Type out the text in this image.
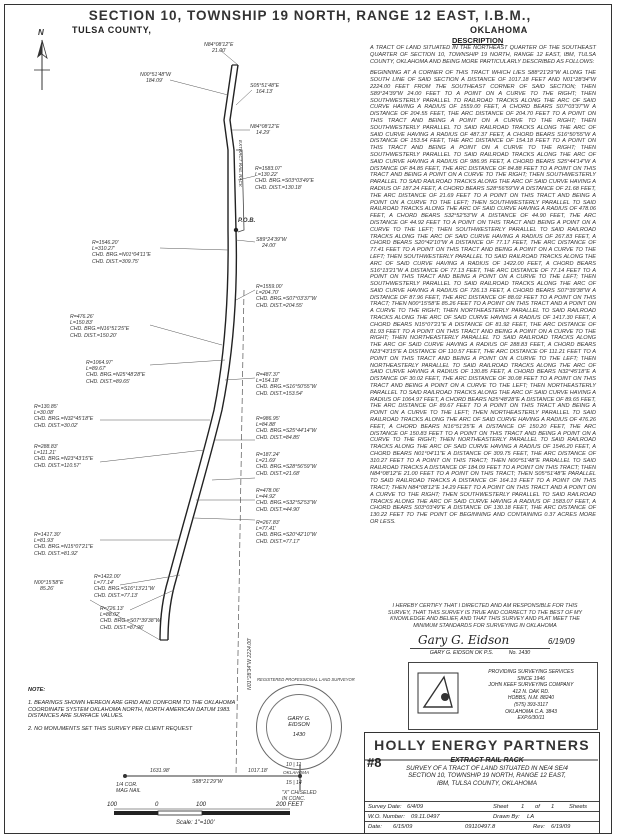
SECTION 10, TOWNSHIP 19 NORTH, RANGE 12 EAST, I.B.M.,
TULSA COUNTY,	OKLAHOMA
N
N84°08'12"E
21.00'
N00°51'48"W
184.09'
S05°51'48"E
164.13'
N84°08'12"E
14.29'
P.O.B.
S89°24'39"W
24.00'
N00°15'58"E
85.26'
EXTRACT RAIL RACK
N01°28'34"W 2224.00'
R=1583.07'
L=130.22'
CHD. BRG.=S03°03'49"E
CHD. DIST.=130.18'
R=1546.20'
L=310.27'
CHD. BRG.=N01°04'11"E
CHD. DIST.=309.75'
R=1559.00'
L=204.70'
CHD. BRG.=S07°03'37"W
CHD. DIST.=204.55'
R=476.26'
L=150.83'
CHD. BRG.=N16°51'25"E
CHD. DIST.=150.20'
R=1064.97'
L=89.67'
CHD. BRG.=N25°48'28"E
CHD. DIST.=89.65'
R=487.37'
L=154.18'
CHD. BRG.=S16°50'55"W
CHD. DIST.=153.54'
R=130.85'
L=30.08'
CHD. BRG.=N32°45'18"E
CHD. DIST.=30.02'
R=986.95'
L=84.88'
CHD. BRG.=S25°44'14"W
CHD. DIST.=84.85'
R=288.83'
L=111.21'
CHD. BRG.=N23°43'15"E
CHD. DIST.=110.57'
R=187.24'
L=21.69'
CHD. BRG.=S28°56'59"W
CHD. DIST.=21.68'
R=478.06'
L=44.92'
CHD. BRG.=S32°52'53"W
CHD. DIST.=44.90'
R=267.83'
L=77.41'
CHD. BRG.=S20°42'10"W
CHD. DIST.=77.17'
R=1417.30'
L=81.93'
CHD. BRG.=N15°07'21"E
CHD. DIST.=81.92'
R=1422.00'
L=77.14'
CHD. BRG.=S16°13'21"W
CHD. DIST.=77.13'
R=726.13'
L=88.02'
CHD. BRG.=S07°39'38"W
CHD. DIST.=87.96'
1631.98'
S88°21'29"W
1017.18'
10 | 11
15 | 14
"X" CHISELED IN CONC.
1/4 COR.
MAG NAIL
DESCRIPTION

A TRACT OF LAND SITUATED IN THE NORTHEAST QUARTER OF THE SOUTHEAST QUARTER OF SECTION 10, TOWNSHIP 19 NORTH, RANGE 12 EAST, IBM, TULSA COUNTY, OKLAHOMA AND BEING MORE PARTICULARLY DESCRIBED AS FOLLOWS:

BEGINNING AT A CORNER OF THIS TRACT WHICH LIES S88°21'29"W ALONG THE SOUTH LINE OF SAID SECTION A DISTANCE OF 1017.18 FEET AND N01°28'34"W 2224.00 FEET FROM THE SOUTHEAST CORNER OF SAID SECTION; THEN S89°24'39"W 24.00 FEET TO A POINT ON A CURVE TO THE RIGHT; THEN SOUTHWESTERLY PARALLEL TO RAILROAD TRACKS ALONG THE ARC OF SAID CURVE HAVING A RADIUS OF 1559.00 FEET, A CHORD BEARS S07°03'37"W A DISTANCE OF 204.55 FEET, THE ARC DISTANCE OF 204.70 FEET TO A POINT ON THIS TRACT AND BEING A POINT ON A CURVE TO THE RIGHT; THEN SOUTHWESTERLY PARALLEL TO SAID RAILROAD TRACKS ALONG THE ARC OF SAID CURVE HAVING A RADIUS OF 487.37 FEET, A CHORD BEARS S16°50'55"W A DISTANCE OF 153.54 FEET, THE ARC DISTANCE OF 154.18 FEET TO A POINT ON THIS TRACT AND BEING A POINT ON A CURVE TO THE RIGHT; THEN SOUTHWESTERLY PARALLEL TO SAID RAILROAD TRACKS ALONG THE ARC OF SAID CURVE HAVING A RADIUS OF 986.95 FEET, A CHORD BEARS S25°44'14"W A DISTANCE OF 84.85 FEET, THE ARC DISTANCE OF 84.88 FEET TO A POINT ON THIS TRACT AND BEING A POINT ON A CURVE TO THE RIGHT; THEN SOUTHWESTERLY PARALLEL TO SAID RAILROAD TRACKS ALONG THE ARC OF SAID CURVE HAVING A RADIUS OF 187.24 FEET, A CHORD BEARS S28°56'59"W A DISTANCE OF 21.68 FEET, THE ARC DISTANCE OF 21.69 FEET TO A POINT ON THIS TRACT AND BEING A POINT ON A CURVE TO THE LEFT; THEN SOUTHWESTERLY PARALLEL TO SAID RAILROAD TRACKS ALONG THE ARC OF SAID CURVE HAVING A RADIUS OF 478.06 FEET, A CHORD BEARS S32°52'53"W A DISTANCE OF 44.90 FEET, THE ARC DISTANCE OF 44.92 FEET TO A POINT ON THIS TRACT AND BEING A POINT ON A CURVE TO THE LEFT; THEN SOUTHWESTERLY PARALLEL TO SAID RAILROAD TRACKS ALONG THE ARC OF SAID CURVE HAVING A RADIUS OF 267.83 FEET, A CHORD BEARS S20°42'10"W A DISTANCE OF 77.17 FEET, THE ARC DISTANCE OF 77.41 FEET TO A POINT ON THIS TRACT AND BEING A POINT ON A CURVE TO THE LEFT; THEN SOUTHWESTERLY PARALLEL TO SAID RAILROAD TRACKS ALONG THE ARC OF SAID CURVE HAVING A RADIUS OF 1422.00 FEET, A CHORD BEARS S16°13'21"W A DISTANCE OF 77.13 FEET, THE ARC DISTANCE OF 77.14 FEET TO A POINT ON THIS TRACT AND BEING A POINT ON A CURVE TO THE LEFT; THEN SOUTHWESTERLY PARALLEL TO SAID RAILROAD TRACKS ALONG THE ARC OF SAID CURVE HAVING A RADIUS OF 726.13 FEET, A CHORD BEARS S07°39'38"W A DISTANCE OF 87.96 FEET, THE ARC DISTANCE OF 88.02 FEET TO A POINT ON THIS TRACT; THEN N00°15'58"E 85.26 FEET TO A POINT ON THIS TRACT AND A POINT ON A CURVE TO THE RIGHT; THEN NORTHEASTERLY PARALLEL TO SAID RAILROAD TRACKS ALONG THE ARC OF SAID CURVE HAVING A RADIUS OF 1417.30 FEET, A CHORD BEARS N15°07'21"E A DISTANCE OF 81.92 FEET, THE ARC DISTANCE OF 81.93 FEET TO A POINT ON THIS TRACT AND BEING A POINT ON A CURVE TO THE RIGHT; THEN NORTHEASTERLY PARALLEL TO SAID RAILROAD TRACKS ALONG THE ARC OF SAID CURVE HAVING A RADIUS OF 288.83 FEET, A CHORD BEARS N23°43'15"E A DISTANCE OF 110.57 FEET, THE ARC DISTANCE OF 111.21 FEET TO A POINT ON THIS TRACT AND BEING A POINT ON A CURVE TO THE LEFT; THEN NORTHEASTERLY PARALLEL TO SAID RAILROAD TRACKS ALONG THE ARC OF SAID CURVE HAVING A RADIUS OF 130.85 FEET, A CHORD BEARS N32°45'18"E A DISTANCE OF 30.02 FEET, THE ARC DISTANCE OF 30.08 FEET TO A POINT ON THIS TRACT AND BEING A POINT ON A CURVE TO THE LEFT; THEN NORTHEASTERLY PARALLEL TO SAID RAILROAD TRACKS ALONG THE ARC OF SAID CURVE HAVING A RADIUS OF 1064.97 FEET, A CHORD BEARS N25°48'28"E A DISTANCE OF 89.65 FEET, THE ARC DISTANCE OF 89.67 FEET TO A POINT ON THIS TRACT AND BEING A POINT ON A CURVE TO THE LEFT; THEN NORTHEASTERLY PARALLEL TO SAID RAILROAD TRACKS ALONG THE ARC OF SAID CURVE HAVING A RADIUS OF 476.26 FEET, A CHORD BEARS N16°51'25"E A DISTANCE OF 150.20 FEET, THE ARC DISTANCE OF 150.83 FEET TO A POINT ON THIS TRACT AND BEING A POINT ON A CURVE TO THE RIGHT; THEN NORTHEASTERLY PARALLEL TO SAID RAILROAD TRACKS ALONG THE ARC OF SAID CURVE HAVING A RADIUS OF 1546.20 FEET, A CHORD BEARS N01°04'11"E A DISTANCE OF 309.75 FEET, THE ARC DISTANCE OF 310.27 FEET TO A POINT ON THIS TRACT; THEN N00°51'48"E PARALLEL TO SAID RAILROAD TRACKS A DISTANCE OF 184.09 FEET TO A POINT ON THIS TRACT; THEN N84°08'12"E 21.00 FEET TO A POINT ON THIS TRACT; THEN S05°51'48"E PARALLEL TO SAID RAILROAD TRACKS A DISTANCE OF 164.13 FEET TO A POINT ON THIS TRACT; THEN N84°08'12"E 14.29 FEET TO A POINT ON THIS TRACT AND A POINT ON A CURVE TO THE RIGHT; THEN SOUTHWESTERLY PARALLEL TO SAID RAILROAD TRACKS ALONG THE ARC OF SAID CURVE HAVING A RADIUS OF 1583.07 FEET, A CHORD BEARS S03°03'49"E A DISTANCE OF 130.18 FEET, THE ARC DISTANCE OF 130.22 FEET TO THE POINT OF BEGINNING AND CONTAINING 0.37 ACRES MORE OR LESS.

I HEREBY CERTIFY THAT I DIRECTED AND AM RESPONSIBLE FOR THIS SURVEY, THAT THIS SURVEY IS TRUE AND CORRECT TO THE BEST OF MY KNOWLEDGE AND BELIEF, AND THAT THIS SURVEY AND PLAT MEET THE MINIMUM STANDARDS FOR SURVEYING IN OKLAHOMA
Gary G. Eidson	6/19/09
GARY G. EIDSON OK P.S.	No. 1430
GARY G.
EIDSON
1430
REGISTERED PROFESSIONAL LAND SURVEYOR
OKLAHOMA
PROVIDING SURVEYING SERVICES
SINCE 1946
JOHN KEEF SURVEYING COMPANY
412 N. OAK RD.
HOBBS, N.M. 88240
(575) 393-3117
OKLAHOMA C.A. 3843
EXP.6/30/11
NOTE:

1. BEARINGS SHOWN HEREON ARE GRID AND CONFORM TO THE OKLAHOMA COORDINATE SYSTEM OKLAHOMA NORTH, NORTH AMERICAN DATUM 1983. DISTANCES ARE SURFACE VALUES.

2. NO MONUMENTS SET THIS SURVEY PER CLIENT REQUEST

HOLLY ENERGY PARTNERS
#8	EXTRACT RAIL RACK
SURVEY OF A TRACT OF LAND SITUATED IN NE/4 SE/4
SECTION 10, TOWNSHIP 19 NORTH, RANGE 12 EAST,
IBM, TULSA COUNTY, OKLAHOMA
Survey Date: 6/4/09	Sheet 1 of 1	Sheets
W.O. Number: 09.11.0497	Drawn By: LA
Date: 6/15/09	09110497.8	Rev: 6/19/09
100	0	100	200 FEET
Scale: 1"=100'
